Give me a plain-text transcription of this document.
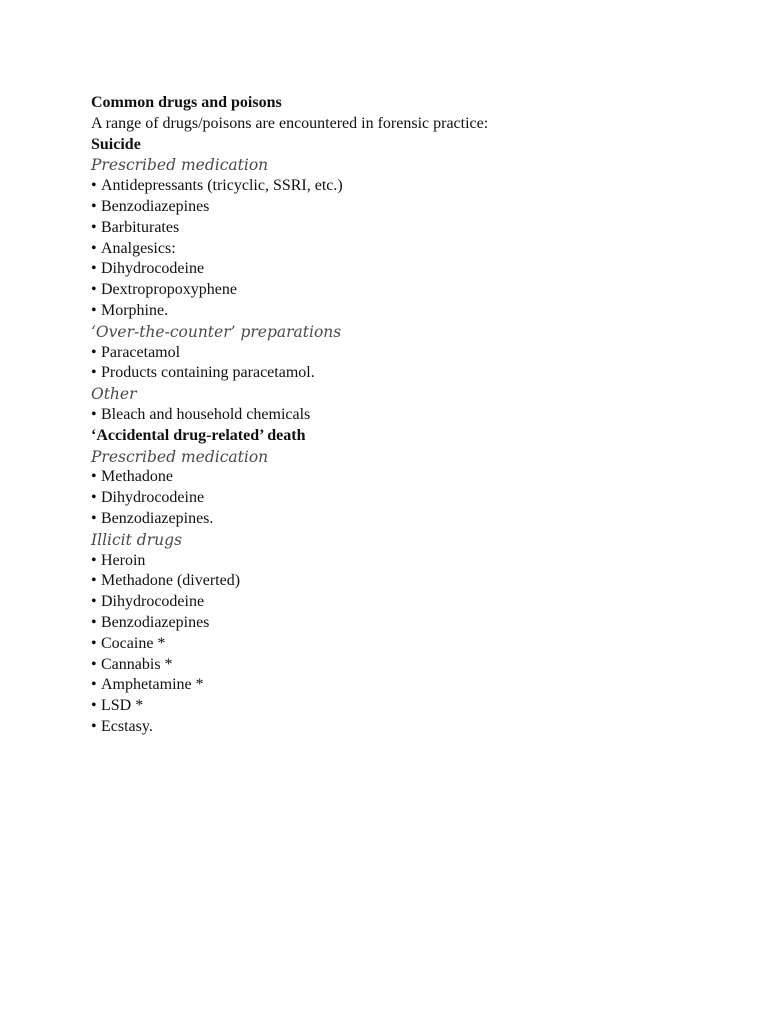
Common drugs and poisons
A range of drugs/poisons are encountered in forensic practice:
Suicide
Prescribed medication
• Antidepressants (tricyclic, SSRI, etc.)
• Benzodiazepines
• Barbiturates
• Analgesics:
• Dihydrocodeine
• Dextropropoxyphene
• Morphine.
‘Over-the-counter’ preparations
• Paracetamol
• Products containing paracetamol.
Other
• Bleach and household chemicals
‘Accidental drug-related’ death
Prescribed medication
• Methadone
• Dihydrocodeine
• Benzodiazepines.
Illicit drugs
• Heroin
• Methadone (diverted)
• Dihydrocodeine
• Benzodiazepines
• Cocaine *
• Cannabis *
• Amphetamine *
• LSD *
• Ecstasy.
